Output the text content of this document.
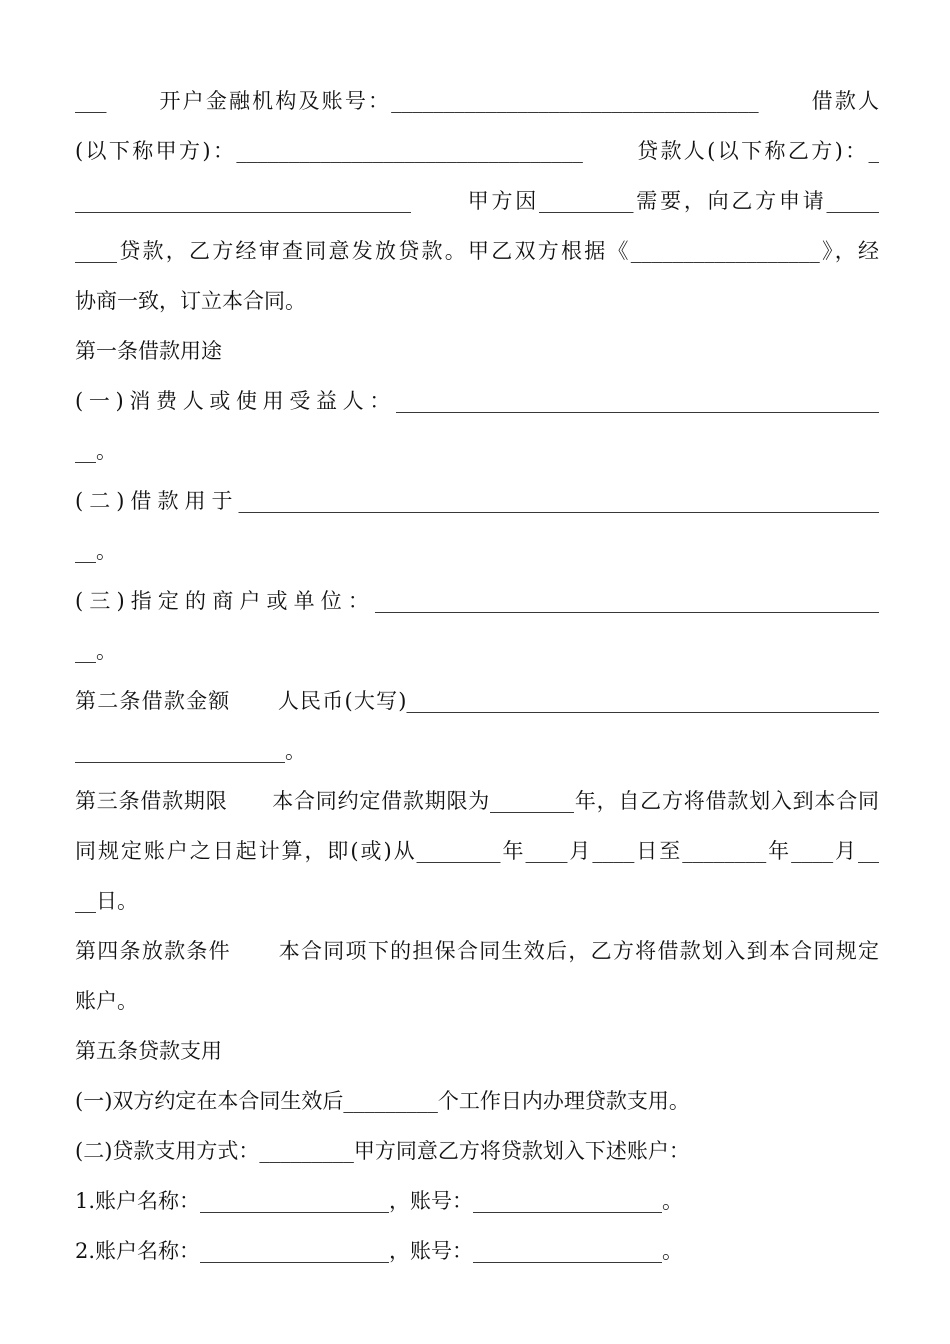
___      开户金融机构及账号：___________________________________      借款人
(以下称甲方)：_________________________________      贷款人(以下称乙方)：_
________________________________      甲方因_________需要，向乙方申请_____
____贷款，乙方经审查同意发放贷款。甲乙双方根据《__________________》，经
协商一致，订立本合同。
第一条借款用途
(一)消费人或使用受益人：______________________________________________
__。
(二)借款用于_____________________________________________________________
__。
(三)指定的商户或单位：________________________________________________
__。
第二条借款金额      人民币(大写)_____________________________________________
____________________。
第三条借款期限      本合同约定借款期限为________年，自乙方将借款划入到本合同
同规定账户之日起计算，即(或)从________年____月____日至________年____月__
__日。
第四条放款条件      本合同项下的担保合同生效后，乙方将借款划入到本合同规定
账户。
第五条贷款支用
(一)双方约定在本合同生效后_________个工作日内办理贷款支用。
(二)贷款支用方式：_________甲方同意乙方将贷款划入下述账户：
1.账户名称：__________________，账号：__________________。
2.账户名称：__________________，账号：__________________。
